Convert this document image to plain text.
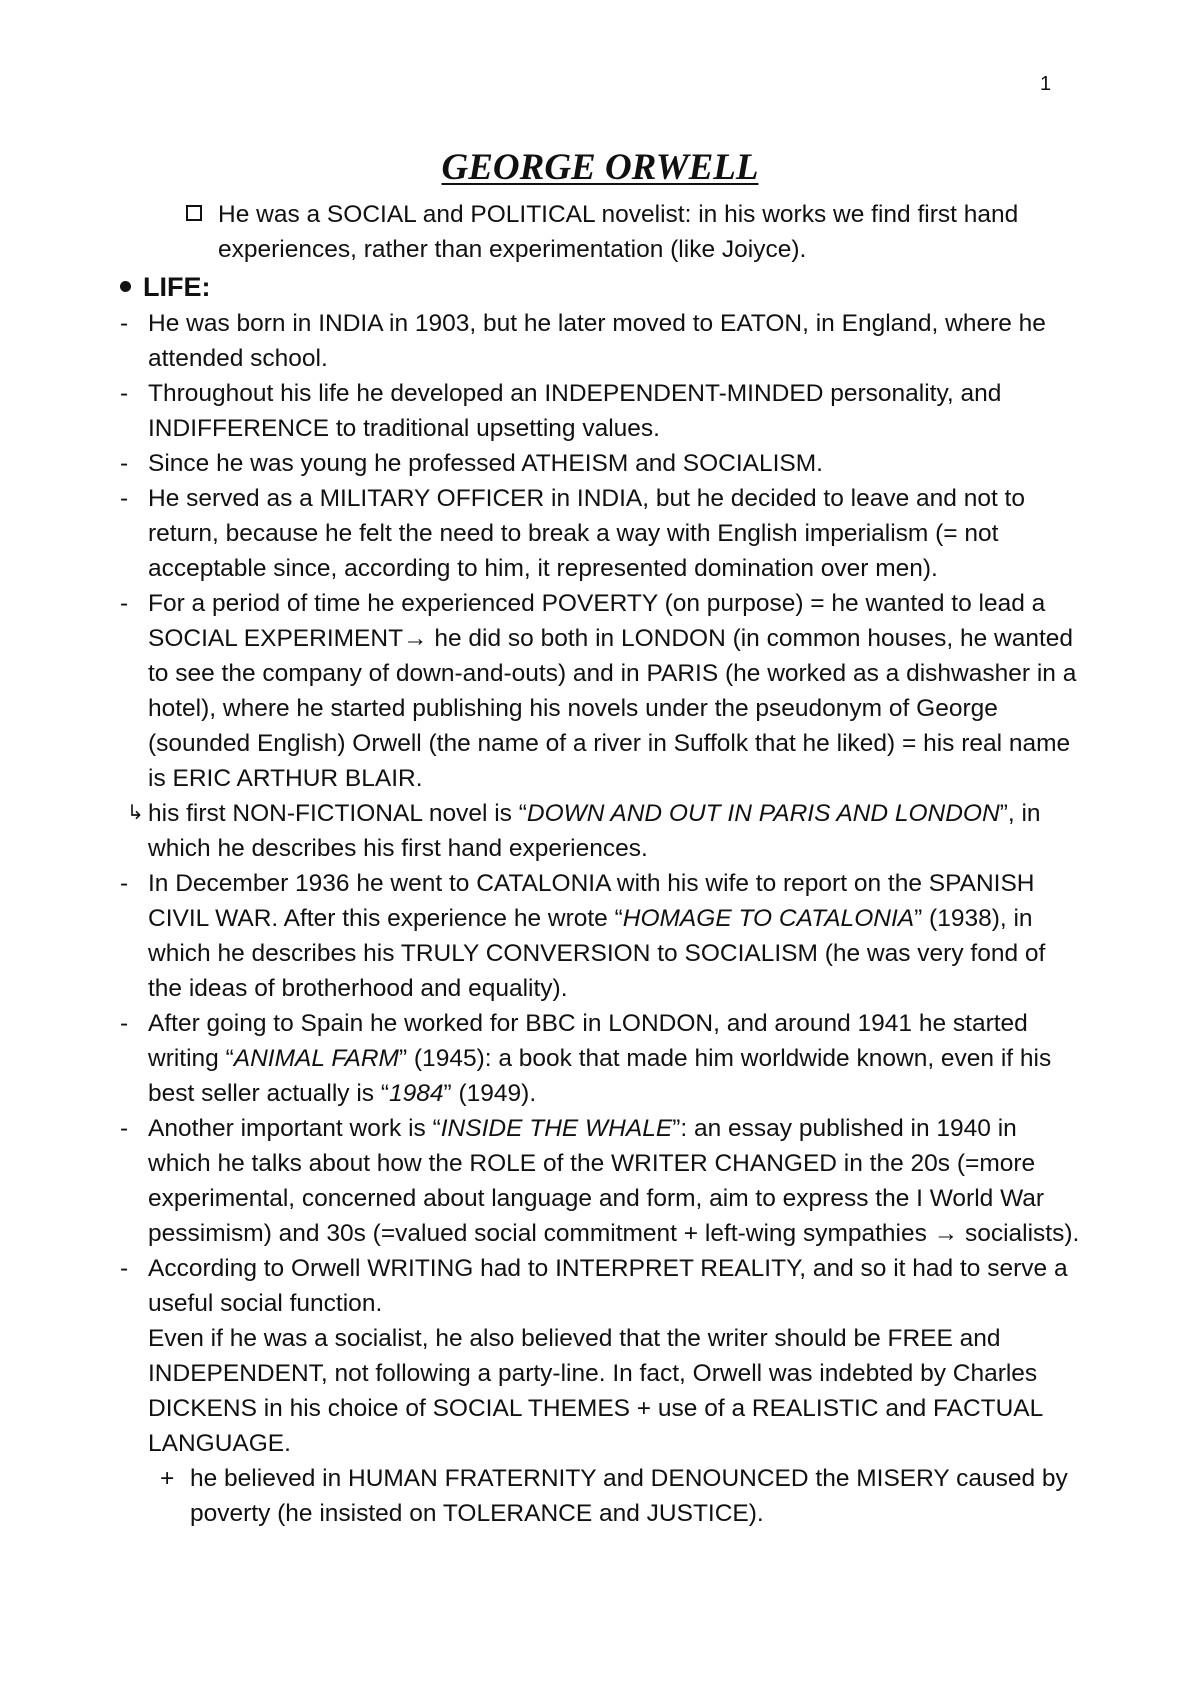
1
GEORGE ORWELL
He was a SOCIAL and POLITICAL novelist: in his works we find first hand experiences, rather than experimentation (like Joiyce).
LIFE:
- He was born in INDIA in 1903, but he later moved to EATON, in England, where he attended school.
- Throughout his life he developed an INDEPENDENT-MINDED personality, and INDIFFERENCE to traditional upsetting values.
- Since he was young he professed ATHEISM and SOCIALISM.
- He served as a MILITARY OFFICER in INDIA, but he decided to leave and not to return, because he felt the need to break a way with English imperialism (= not acceptable since, according to him, it represented domination over men).
- For a period of time he experienced POVERTY (on purpose) = he wanted to lead a SOCIAL EXPERIMENT→ he did so both in LONDON (in common houses, he wanted to see the company of down-and-outs) and in PARIS (he worked as a dishwasher in a hotel), where he started publishing his novels under the pseudonym of George (sounded English) Orwell (the name of a river in Suffolk that he liked) = his real name is ERIC ARTHUR BLAIR.
↳ his first NON-FICTIONAL novel is “DOWN AND OUT IN PARIS AND LONDON”, in which he describes his first hand experiences.
- In December 1936 he went to CATALONIA with his wife to report on the SPANISH CIVIL WAR. After this experience he wrote “HOMAGE TO CATALONIA” (1938), in which he describes his TRULY CONVERSION to SOCIALISM (he was very fond of the ideas of brotherhood and equality).
- After going to Spain he worked for BBC in LONDON, and around 1941 he started writing “ANIMAL FARM” (1945): a book that made him worldwide known, even if his best seller actually is “1984” (1949).
- Another important work is “INSIDE THE WHALE”: an essay published in 1940 in which he talks about how the ROLE of the WRITER CHANGED in the 20s (=more experimental, concerned about language and form, aim to express the I World War pessimism) and 30s (=valued social commitment + left-wing sympathies → socialists).
- According to Orwell WRITING had to INTERPRET REALITY, and so it had to serve a useful social function.
Even if he was a socialist, he also believed that the writer should be FREE and INDEPENDENT, not following a party-line. In fact, Orwell was indebted by Charles DICKENS in his choice of SOCIAL THEMES + use of a REALISTIC and FACTUAL LANGUAGE.
+ he believed in HUMAN FRATERNITY and DENOUNCED the MISERY caused by poverty (he insisted on TOLERANCE and JUSTICE).
